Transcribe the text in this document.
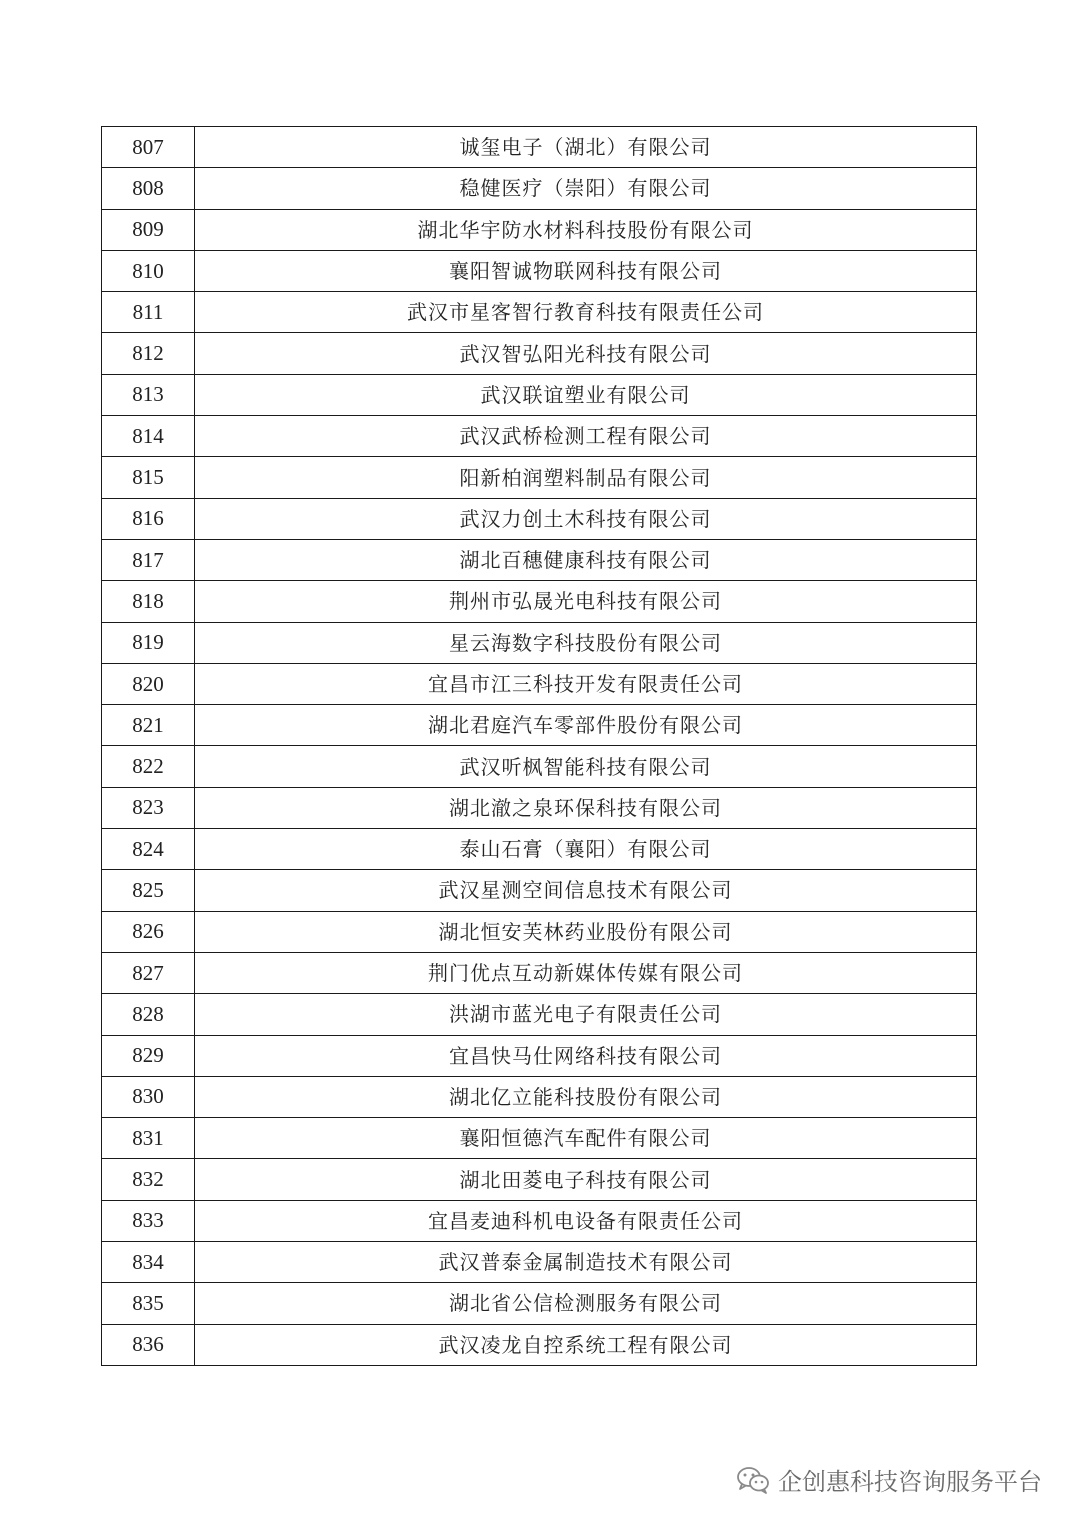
807	诚玺电子（湖北）有限公司
808	稳健医疗（崇阳）有限公司
809	湖北华宇防水材料科技股份有限公司
810	襄阳智诚物联网科技有限公司
811	武汉市星客智行教育科技有限责任公司
812	武汉智弘阳光科技有限公司
813	武汉联谊塑业有限公司
814	武汉武桥检测工程有限公司
815	阳新柏润塑料制品有限公司
816	武汉力创土木科技有限公司
817	湖北百穗健康科技有限公司
818	荆州市弘晟光电科技有限公司
819	星云海数字科技股份有限公司
820	宜昌市江三科技开发有限责任公司
821	湖北君庭汽车零部件股份有限公司
822	武汉听枫智能科技有限公司
823	湖北澈之泉环保科技有限公司
824	泰山石膏（襄阳）有限公司
825	武汉星测空间信息技术有限公司
826	湖北恒安芙林药业股份有限公司
827	荆门优点互动新媒体传媒有限公司
828	洪湖市蓝光电子有限责任公司
829	宜昌快马仕网络科技有限公司
830	湖北亿立能科技股份有限公司
831	襄阳恒德汽车配件有限公司
832	湖北田菱电子科技有限公司
833	宜昌麦迪科机电设备有限责任公司
834	武汉普泰金属制造技术有限公司
835	湖北省公信检测服务有限公司
836	武汉凌龙自控系统工程有限公司
企创惠科技咨询服务平台
